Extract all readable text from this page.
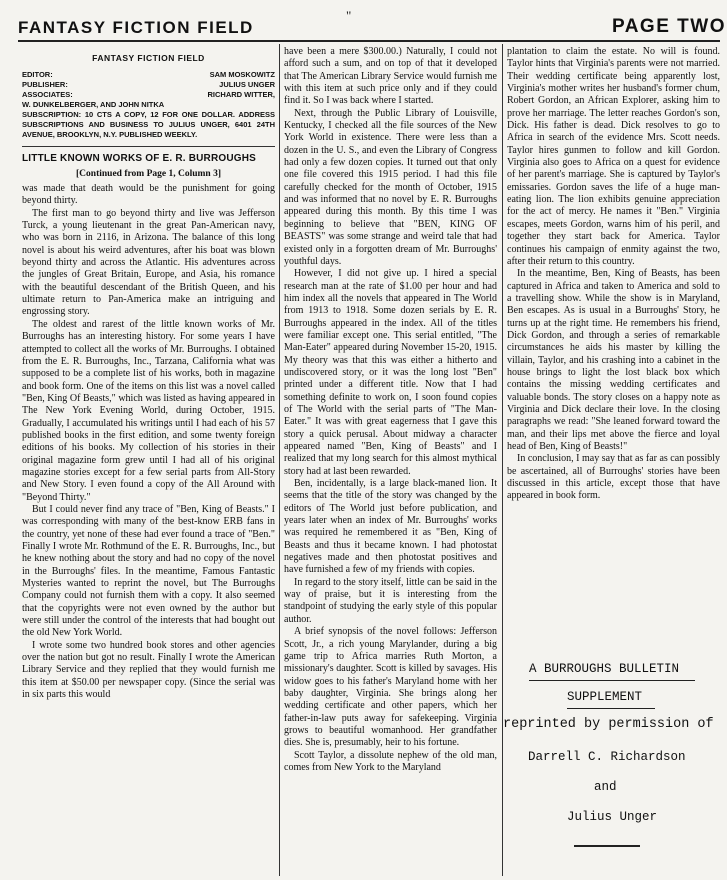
FANTASY FICTION FIELD
"
PAGE TWO
FANTASY FICTION FIELD
EDITOR:	SAM MOSKOWITZ
PUBLISHER:	JULIUS UNGER
ASSOCIATES:	RICHARD WITTER,
W. DUNKELBERGER, AND JOHN NITKA
SUBSCRIPTION: 10 CTS A COPY, 12 FOR ONE DOLLAR. ADDRESS SUBSCRIPTIONS AND BUSINESS TO JULIUS UNGER, 6401 24TH AVENUE, BROOKLYN, N.Y. PUBLISHED WEEKLY.
LITTLE KNOWN WORKS OF E. R. BURROUGHS
[Continued from Page 1, Column 3]

was made that death would be the punishment for going beyond thirty.

The first man to go beyond thirty and live was Jefferson Turck, a young lieutenant in the great Pan-American navy, who was born in 2116, in Arizona. The balance of this long novel is about his weird adventures, after his boat was blown beyond thirty and across the Atlantic. His adventures across the jungles of Great Britain, Europe, and Asia, his romance with the beautiful descendant of the British Queen, and his ultimate return to Pan-America make an intriguing and engrossing story.

The oldest and rarest of the little known works of Mr. Burroughs has an interesting history. For some years I have attempted to collect all the works of Mr. Burroughs. I obtained from the E. R. Burroughs, Inc., Tarzana, California what was supposed to be a complete list of his works, both in magazine and book form. One of the items on this list was a novel called "Ben, King Of Beasts," which was listed as having appeared in The New York Evening World, during October, 1915. Gradually, I accumulated his writings until I had each of his 57 published books in the first edition, and some twenty foreign editions of his books. My collection of his stories in their original magazine form grew until I had all of his original magazine stories except for a few serial parts from All-Story and New Story. I even found a copy of the All Around with "Beyond Thirty."

But I could never find any trace of "Ben, King of Beasts." I was corresponding with many of the best-know ERB fans in the country, yet none of these had ever found a trace of "Ben." Finally I wrote Mr. Rothmund of the E. R. Burroughs, Inc., but he knew nothing about the story and had no copy of the novel in the Burroughs' files. In the meantime, Famous Fantastic Mysteries wanted to reprint the novel, but The Burroughs Company could not furnish them with a copy. It also seemed that the copyrights were not even owned by the author but were still under the control of the interests that had bought out the old New York World.

I wrote some two hundred book stores and other agencies over the nation but got no result. Finally I wrote the American Library Service and they replied that they would furnish me this item at $50.00 per newspaper copy. (Since the serial was in six parts this would

have been a mere $300.00.) Naturally, I could not afford such a sum, and on top of that it developed that The American Library Service would furnish me with this item at such price only and if they could find it. So I was back where I started.

Next, through the Public Library of Louisville, Kentucky, I checked all the file sources of the New York World in existence. There were less than a dozen in the U. S., and even the Library of Congress had only a few dozen copies. It turned out that only one file covered this 1915 period. I had this file carefully checked for the month of October, 1915 and was informed that no novel by E. R. Burroughs appeared during this month. By this time I was beginning to believe that "BEN, KING OF BEASTS" was some strange and weird tale that had existed only in a forgotten dream of Mr. Burroughs' youthful days.

However, I did not give up. I hired a special research man at the rate of $1.00 per hour and had him index all the novels that appeared in The World from 1913 to 1918. Some dozen serials by E. R. Burroughs appeared in the index. All of the titles were familiar except one. This serial entitled, "The Man-Eater" appeared during November 15-20, 1915. My theory was that this was either a hitherto and undiscovered story, or it was the long lost "Ben" printed under a different title. Now that I had something definite to work on, I soon found copies of The World with the serial parts of "The Man-Eater." It was with great eagerness that I gave this story a quick perusal. About midway a character appeared named "Ben, King of Beasts" and I realized that my long search for this almost mythical story had at last been rewarded.

Ben, incidentally, is a large black-maned lion. It seems that the title of the story was changed by the editors of The World just before publication, and years later when an index of Mr. Burroughs' works was required he remembered it as "Ben, King of Beasts and thus it became known. I had photostat negatives made and then photostat positives and have furnished a few of my friends with copies.

In regard to the story itself, little can be said in the way of praise, but it is interesting from the standpoint of studying the early style of this popular author.

A brief synopsis of the novel follows: Jefferson Scott, Jr., a rich young Marylander, during a big game trip to Africa marries Ruth Morton, a missionary's daughter. Scott is killed by savages. His widow goes to his father's Maryland home with her baby daughter, Virginia. She brings along her wedding certificate and other papers, which her father-in-law puts away for safekeeping. Virginia grows to beautiful womanhood. Her grandfather dies. She is, presumably, heir to his fortune.

Scott Taylor, a dissolute nephew of the old man, comes from New York to the Maryland

plantation to claim the estate. No will is found. Taylor hints that Virginia's parents were not married. Their wedding certificate being apparently lost, Virginia's mother writes her husband's former chum, Robert Gordon, an African Explorer, asking him to prove her marriage. The letter reaches Gordon's son, Dick. His father is dead. Dick resolves to go to Africa in search of the evidence Mrs. Scott needs. Taylor hires gunmen to follow and kill Gordon. Virginia also goes to Africa on a quest for evidence of her parent's marriage. She is captured by Taylor's emissaries. Gordon saves the life of a huge man-eating lion. The lion exhibits genuine appreciation for the act of mercy. He names it "Ben." Virginia escapes, meets Gordon, warns him of his peril, and together they start back for America. Taylor continues his campaign of enmity against the two, after their return to this country.

In the meantime, Ben, King of Beasts, has been captured in Africa and taken to America and sold to a travelling show. While the show is in Maryland, Ben escapes. As is usual in a Burroughs' Story, he turns up at the right time. He remembers his friend, Dick Gordon, and through a series of remarkable circumstances he aids his master by killing the villain, Taylor, and his crashing into a cabinet in the house brings to light the lost black box which contains the missing wedding certificates and valuable bonds. The story closes on a happy note as Virginia and Dick declare their love. In the closing paragraphs we read: "She leaned forward toward the man, and their lips met above the fierce and loyal head of Ben, King of Beasts!"

In conclusion, I may say that as far as can possibly be ascertained, all of Burroughs' stories have been discussed in this article, except those that have appeared in book form.

A BURROUGHS BULLETIN
SUPPLEMENT
reprinted by permission of
Darrell C. Richardson
and
Julius Unger
